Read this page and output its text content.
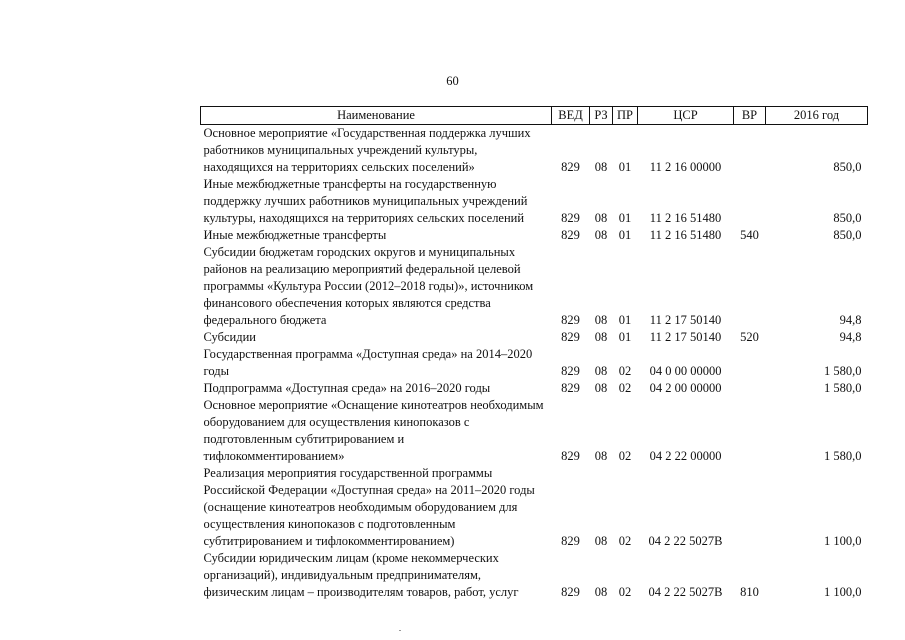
60
Наименование	ВЕД	РЗ	ПР	ЦСР	ВР	2016 год
Основное мероприятие «Государственная поддержка лучших работников муниципальных учреждений культуры, находящихся на территориях сельских поселений»	829	08	01	11 2 16 00000		850,0
Иные межбюджетные трансферты на государственную поддержку лучших работников муниципальных учреждений культуры, находящихся на территориях сельских поселений	829	08	01	11 2 16 51480		850,0
Иные межбюджетные трансферты	829	08	01	11 2 16 51480	540	850,0
Субсидии бюджетам городских округов и муниципальных районов на реализацию мероприятий федеральной целевой программы «Культура России (2012–2018 годы)», источником финансового обеспечения которых являются средства федерального бюджета	829	08	01	11 2 17 50140		94,8
Субсидии	829	08	01	11 2 17 50140	520	94,8
Государственная программа «Доступная среда» на 2014–2020 годы	829	08	02	04 0 00 00000		1 580,0
Подпрограмма «Доступная среда» на 2016–2020 годы	829	08	02	04 2 00 00000		1 580,0
Основное мероприятие «Оснащение кинотеатров необходимым оборудованием для осуществления кинопоказов с подготовленным субтитрированием и тифлокомментированием»	829	08	02	04 2 22 00000		1 580,0
Реализация мероприятия государственной программы Российской Федерации «Доступная среда» на 2011–2020 годы (оснащение кинотеатров необходимым оборудованием для осуществления кинопоказов с подготовленным субтитрированием и тифлокомментированием)	829	08	02	04 2 22 5027В		1 100,0
Субсидии юридическим лицам (кроме некоммерческих организаций), индивидуальным предпринимателям, физическим лицам – производителям товаров, работ, услуг	829	08	02	04 2 22 5027В	810	1 100,0
